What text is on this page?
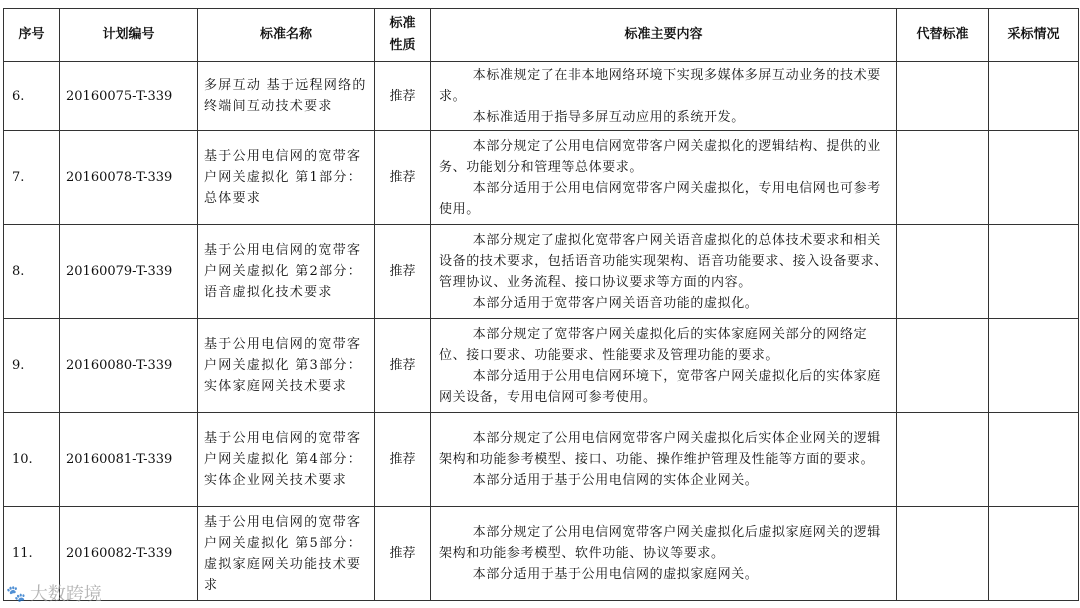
序号	计划编号	标准名称	标准性质	标准主要内容	代替标准	采标情况
6.	20160075-T-339	多屏互动 基于远程网络的终端间互动技术要求	推荐	本标准规定了在非本地网络环境下实现多媒体多屏互动业务的技术要求。

本标准适用于指导多屏互动应用的系统开发。		

7.	20160078-T-339	基于公用电信网的宽带客户网关虚拟化 第1部分：总体要求	推荐	本部分规定了公用电信网宽带客户网关虚拟化的逻辑结构、提供的业务、功能划分和管理等总体要求。

本部分适用于公用电信网宽带客户网关虚拟化，专用电信网也可参考使用。		

8.	20160079-T-339	基于公用电信网的宽带客户网关虚拟化 第2部分：语音虚拟化技术要求	推荐	本部分规定了虚拟化宽带客户网关语音虚拟化的总体技术要求和相关设备的技术要求，包括语音功能实现架构、语音功能要求、接入设备要求、管理协议、业务流程、接口协议要求等方面的内容。

本部分适用于宽带客户网关语音功能的虚拟化。		

9.	20160080-T-339	基于公用电信网的宽带客户网关虚拟化 第3部分：实体家庭网关技术要求	推荐	本部分规定了宽带客户网关虚拟化后的实体家庭网关部分的网络定位、接口要求、功能要求、性能要求及管理功能的要求。

本部分适用于公用电信网环境下，宽带客户网关虚拟化后的实体家庭网关设备，专用电信网可参考使用。		

10.	20160081-T-339	基于公用电信网的宽带客户网关虚拟化 第4部分：实体企业网关技术要求	推荐	本部分规定了公用电信网宽带客户网关虚拟化后实体企业网关的逻辑架构和功能参考模型、接口、功能、操作维护管理及性能等方面的要求。

本部分适用于基于公用电信网的实体企业网关。		

11.	20160082-T-339	基于公用电信网的宽带客户网关虚拟化 第5部分：虚拟家庭网关功能技术要求	推荐	本部分规定了公用电信网宽带客户网关虚拟化后虚拟家庭网关的逻辑架构和功能参考模型、软件功能、协议等要求。

本部分适用于基于公用电信网的虚拟家庭网关。		

🐾 大数跨境
